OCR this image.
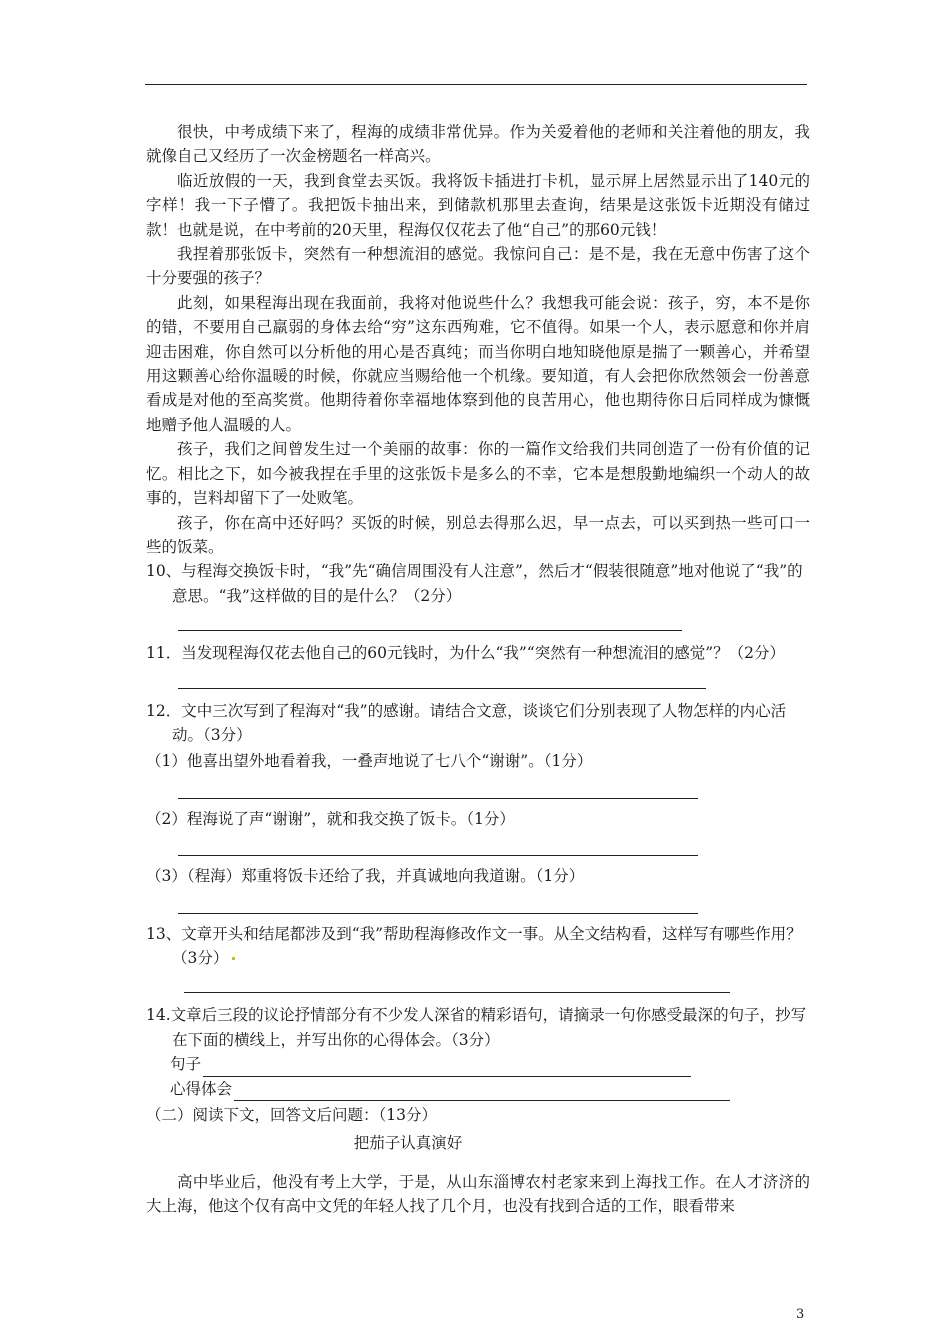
很快，中考成绩下来了，程海的成绩非常优异。作为关爱着他的老师和关注着他的朋友，我就像自己又经历了一次金榜题名一样高兴。

临近放假的一天，我到食堂去买饭。我将饭卡插进打卡机，显示屏上居然显示出了140元的字样！我一下子懵了。我把饭卡抽出来，到储款机那里去查询，结果是这张饭卡近期没有储过款！也就是说，在中考前的20天里，程海仅仅花去了他“自己”的那60元钱！

我捏着那张饭卡，突然有一种想流泪的感觉。我惊问自己：是不是，我在无意中伤害了这个十分要强的孩子？

此刻，如果程海出现在我面前，我将对他说些什么？我想我可能会说：孩子，穷，本不是你的错，不要用自己羸弱的身体去给“穷”这东西殉难，它不值得。如果一个人，表示愿意和你并肩迎击困难，你自然可以分析他的用心是否真纯；而当你明白地知晓他原是揣了一颗善心，并希望用这颗善心给你温暖的时候，你就应当赐给他一个机缘。要知道，有人会把你欣然领会一份善意看成是对他的至高奖赏。他期待着你幸福地体察到他的良苦用心，他也期待你日后同样成为慷慨地赠予他人温暖的人。

孩子，我们之间曾发生过一个美丽的故事：你的一篇作文给我们共同创造了一份有价值的记忆。相比之下，如今被我捏在手里的这张饭卡是多么的不幸，它本是想殷勤地编织一个动人的故事的，岂料却留下了一处败笔。

孩子，你在高中还好吗？买饭的时候，别总去得那么迟，早一点去，可以买到热一些可口一些的饭菜。

10、与程海交换饭卡时，“我”先“确信周围没有人注意”，然后才“假装很随意”地对他说了“我”的意思。“我”这样做的目的是什么？（2分）

11．当发现程海仅花去他自己的60元钱时，为什么“我”“突然有一种想流泪的感觉”？（2分）

12．文中三次写到了程海对“我”的感谢。请结合文意，谈谈它们分别表现了人物怎样的内心活动。（3分）

（1）他喜出望外地看着我，一叠声地说了七八个“谢谢”。（1分）

（2）程海说了声“谢谢”，就和我交换了饭卡。（1分）

（3）（程海）郑重将饭卡还给了我，并真诚地向我道谢。（1分）

13、文章开头和结尾都涉及到“我”帮助程海修改作文一事。从全文结构看，这样写有哪些作用？（3分）

14.文章后三段的议论抒情部分有不少发人深省的精彩语句，请摘录一句你感受最深的句子，抄写在下面的横线上，并写出你的心得体会。（3分）

句子
心得体会

（二）阅读下文，回答文后问题：（13分）

把茄子认真演好

高中毕业后，他没有考上大学，于是，从山东淄博农村老家来到上海找工作。在人才济济的大上海，他这个仅有高中文凭的年轻人找了几个月，也没有找到合适的工作，眼看带来

3
